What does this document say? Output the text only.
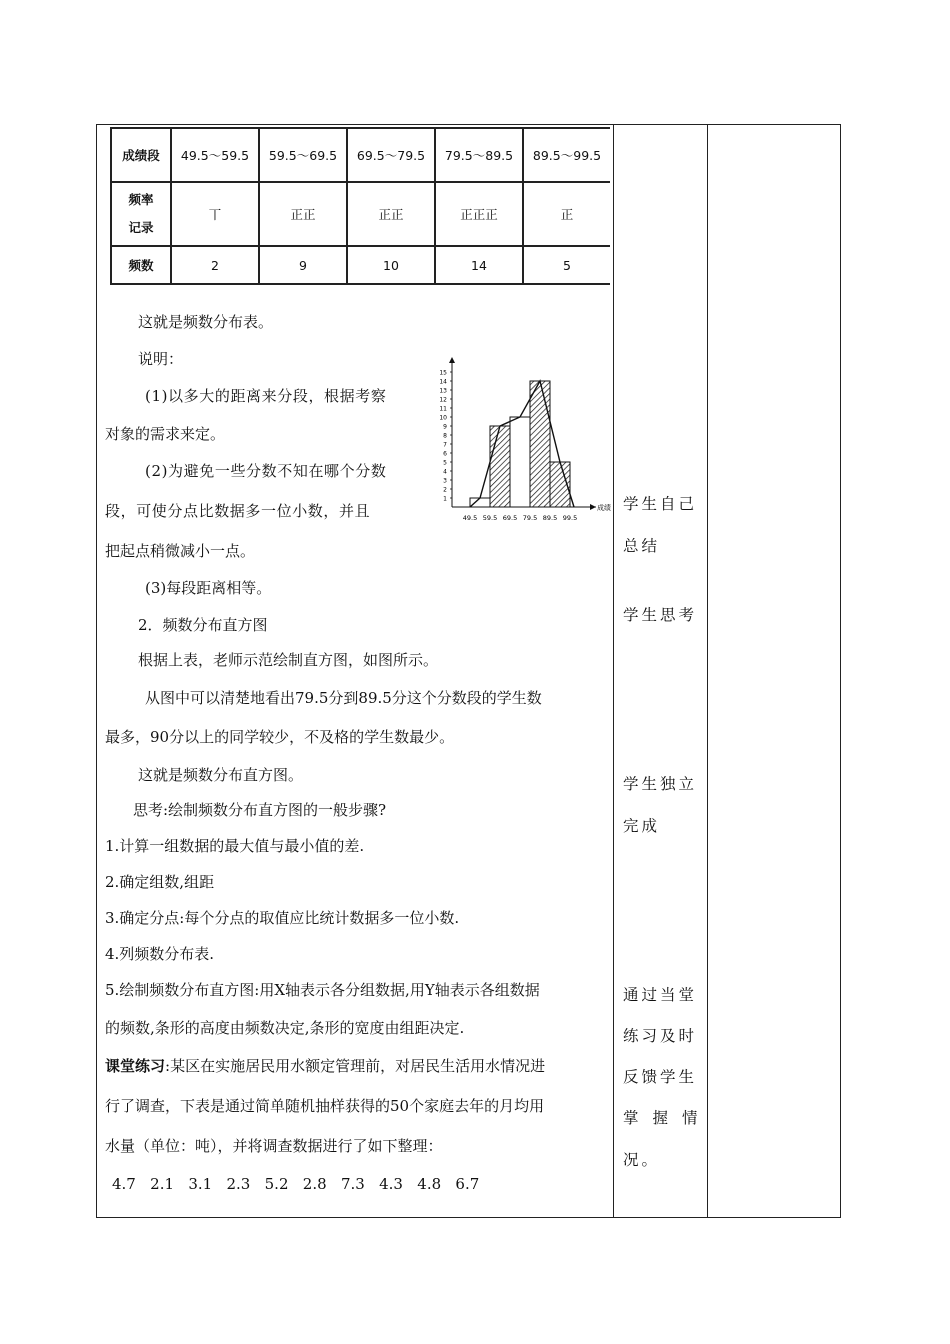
成绩段	49.5～59.5	59.5～69.5	69.5～79.5	79.5～89.5	89.5～99.5
频率
记录	丅	正正	正正	正正正	正
频数	2	9	10	14	5
1
2
3
4
5
6
7
8
9
10
11
12
13
14
15
49.5 59.5 69.5 79.5 89.5 99.5
成绩
这就是频数分布表。
说明：
(1)以多大的距离来分段，根据考察
对象的需求来定。
(2)为避免一些分数不知在哪个分数
段，可使分点比数据多一位小数，并且
把起点稍微减小一点。
(3)每段距离相等。
2．频数分布直方图
根据上表，老师示范绘制直方图，如图所示。
从图中可以清楚地看出79.5分到89.5分这个分数段的学生数
最多，90分以上的同学较少，不及格的学生数最少。
这就是频数分布直方图。
思考:绘制频数分布直方图的一般步骤?
1.计算一组数据的最大值与最小值的差.
2.确定组数,组距
3.确定分点:每个分点的取值应比统计数据多一位小数.
4.列频数分布表.
5.绘制频数分布直方图:用X轴表示各分组数据,用Y轴表示各组数据
的频数,条形的高度由频数决定,条形的宽度由组距决定.
课堂练习:某区在实施居民用水额定管理前，对居民生活用水情况进
行了调查，下表是通过简单随机抽样获得的50个家庭去年的月均用
水量（单位：吨），并将调查数据进行了如下整理：
4.7   2.1   3.1   2.3   5.2   2.8   7.3   4.3   4.8   6.7
学生自己
总结
学生思考
学生独立
完成
通过当堂
练习及时
反馈学生
掌握情
况。
